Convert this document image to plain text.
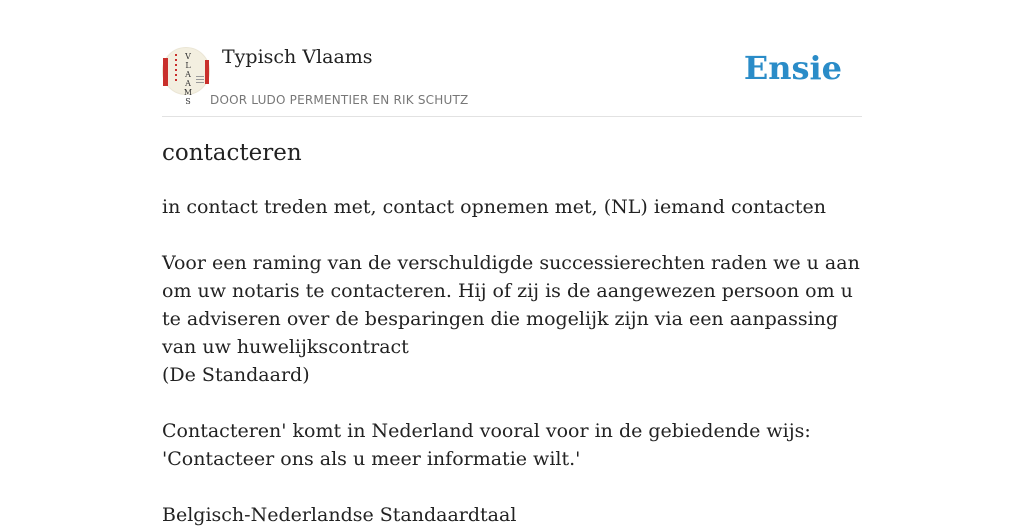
V
L
A
A
M
S
Typisch Vlaams
DOOR LUDO PERMENTIER EN RIK SCHUTZ
Ensie
contacteren
in contact treden met, contact opnemen met, (NL) iemand contacten
Voor een raming van de verschuldigde successierechten raden we u aan om uw notaris te contacteren. Hij of zij is de aangewezen persoon om u te adviseren over de besparingen die mogelijk zijn via een aanpassing van uw huwelijkscontract
(De Standaard)
Contacteren' komt in Nederland vooral voor in de gebiedende wijs: 'Contacteer ons als u meer informatie wilt.'
Belgisch-Nederlandse Standaardtaal
